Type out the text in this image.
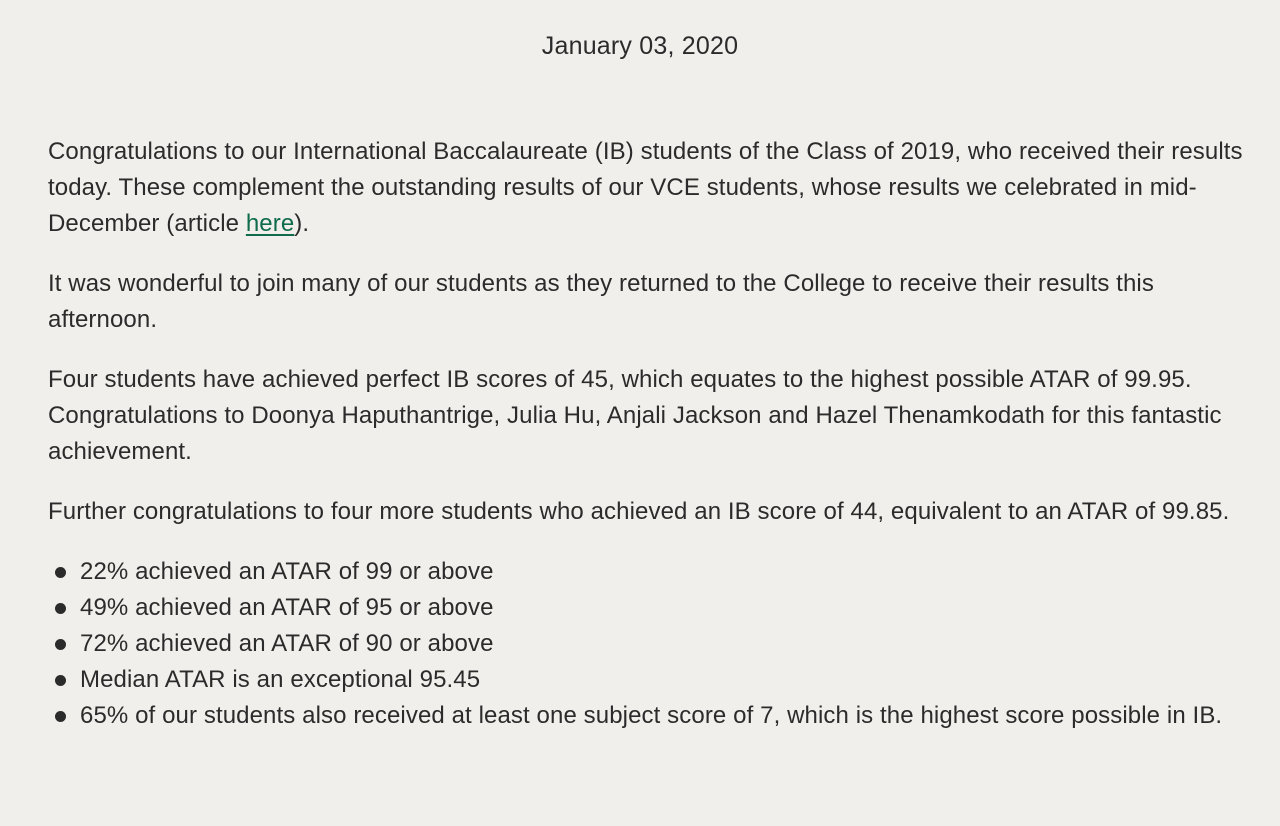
January 03, 2020

Congratulations to our International Baccalaureate (IB) students of the Class of 2019, who received their results today. These complement the outstanding results of our VCE students, whose results we celebrated in mid-December (article here).

It was wonderful to join many of our students as they returned to the College to receive their results this afternoon.

Four students have achieved perfect IB scores of 45, which equates to the highest possible ATAR of 99.95. Congratulations to Doonya Haputhantrige, Julia Hu, Anjali Jackson and Hazel Thenamkodath for this fantastic achievement.

Further congratulations to four more students who achieved an IB score of 44, equivalent to an ATAR of 99.85.

22% achieved an ATAR of 99 or above
49% achieved an ATAR of 95 or above
72% achieved an ATAR of 90 or above
Median ATAR is an exceptional 95.45
65% of our students also received at least one subject score of 7, which is the highest score possible in IB.
